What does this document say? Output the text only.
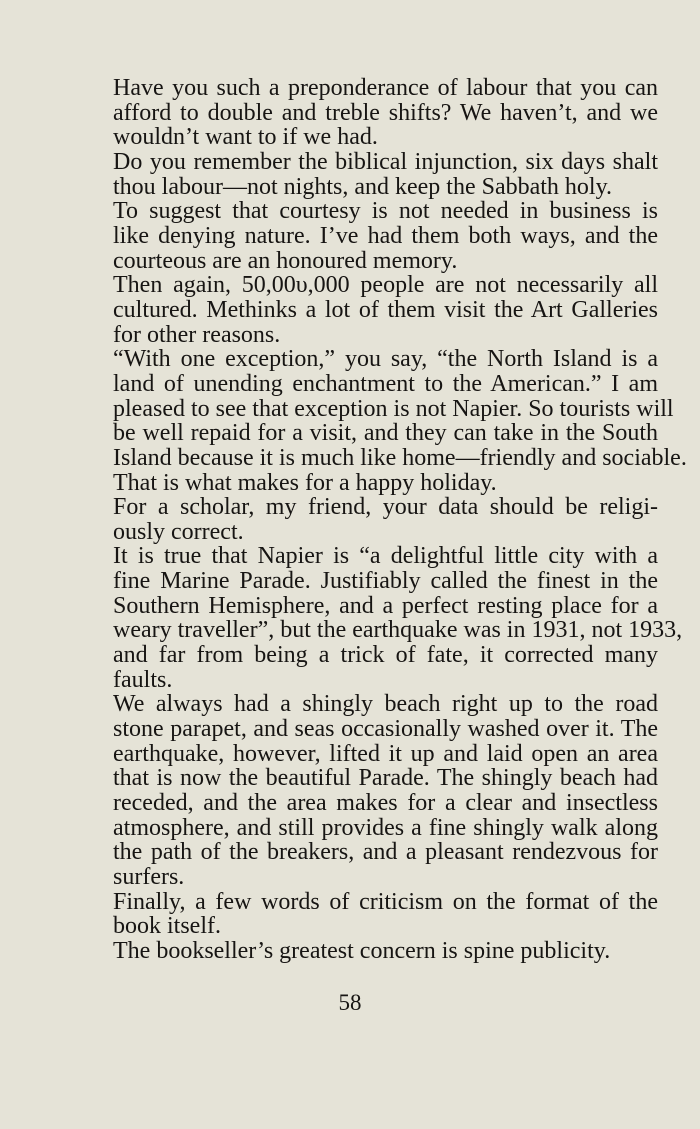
Have you such a preponderance of labour that you can
afford to double and treble shifts? We haven’t, and we
wouldn’t want to if we had.

Do you remember the biblical injunction, six days shalt
thou labour—not nights, and keep the Sabbath holy.

To suggest that courtesy is not needed in business is
like denying nature. I’ve had them both ways, and the
courteous are an honoured memory.

Then again, 50,00υ,000 people are not necessarily all
cultured. Methinks a lot of them visit the Art Galleries
for other reasons.

“With one exception,” you say, “the North Island is a
land of unending enchantment to the American.” I am
pleased to see that exception is not Napier. So tourists will
be well repaid for a visit, and they can take in the South
Island because it is much like home—friendly and sociable.
That is what makes for a happy holiday.

For a scholar, my friend, your data should be religi-
ously correct.

It is true that Napier is “a delightful little city with a
fine Marine Parade. Justifiably called the finest in the
Southern Hemisphere, and a perfect resting place for a
weary traveller”, but the earthquake was in 1931, not 1933,
and far from being a trick of fate, it corrected many
faults.

We always had a shingly beach right up to the road
stone parapet, and seas occasionally washed over it. The
earthquake, however, lifted it up and laid open an area
that is now the beautiful Parade. The shingly beach had
receded, and the area makes for a clear and insectless
atmosphere, and still provides a fine shingly walk along
the path of the breakers, and a pleasant rendezvous for
surfers.

Finally, a few words of criticism on the format of the
book itself.

The bookseller’s greatest concern is spine publicity.

58
